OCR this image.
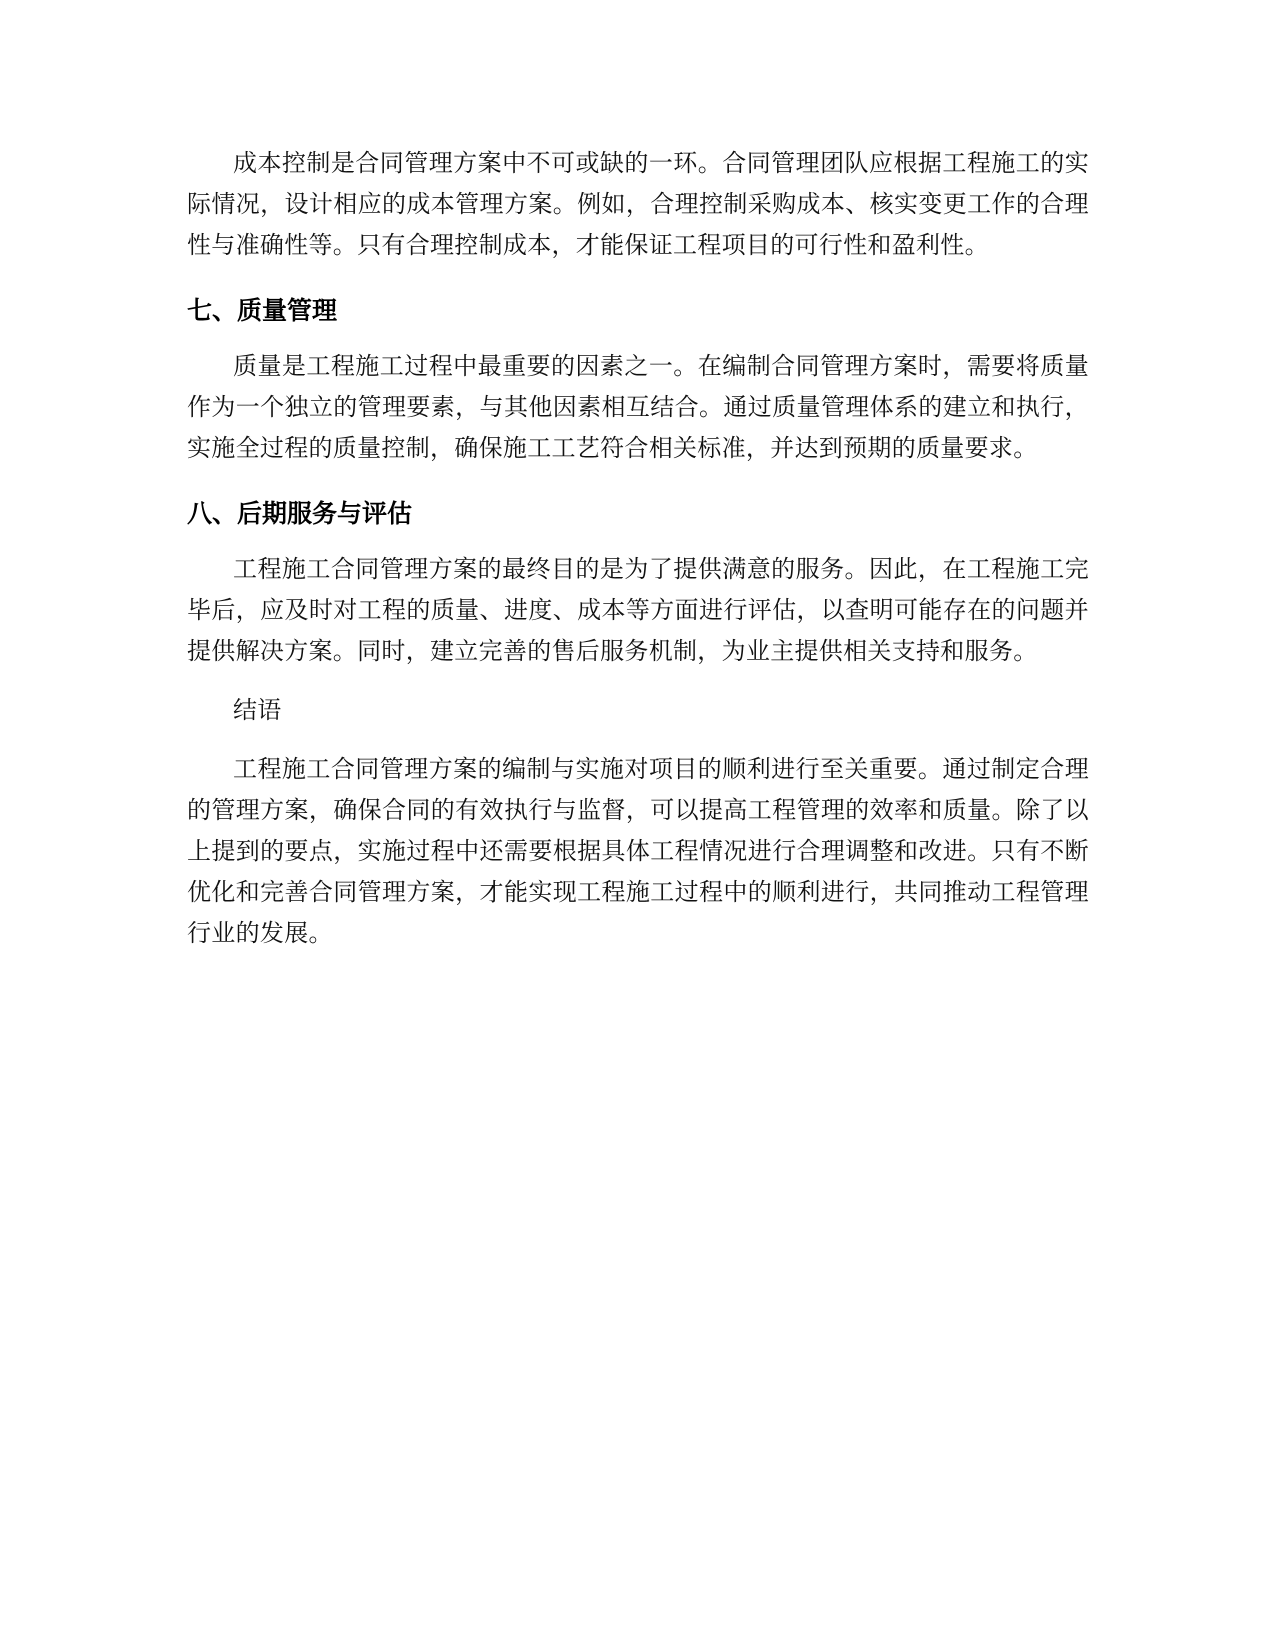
成本控制是合同管理方案中不可或缺的一环。合同管理团队应根据工程施工的实际情况，设计相应的成本管理方案。例如，合理控制采购成本、核实变更工作的合理性与准确性等。只有合理控制成本，才能保证工程项目的可行性和盈利性。

七、质量管理

质量是工程施工过程中最重要的因素之一。在编制合同管理方案时，需要将质量作为一个独立的管理要素，与其他因素相互结合。通过质量管理体系的建立和执行，实施全过程的质量控制，确保施工工艺符合相关标准，并达到预期的质量要求。

八、后期服务与评估

工程施工合同管理方案的最终目的是为了提供满意的服务。因此，在工程施工完毕后，应及时对工程的质量、进度、成本等方面进行评估，以查明可能存在的问题并提供解决方案。同时，建立完善的售后服务机制，为业主提供相关支持和服务。

结语

工程施工合同管理方案的编制与实施对项目的顺利进行至关重要。通过制定合理的管理方案，确保合同的有效执行与监督，可以提高工程管理的效率和质量。除了以上提到的要点，实施过程中还需要根据具体工程情况进行合理调整和改进。只有不断优化和完善合同管理方案，才能实现工程施工过程中的顺利进行，共同推动工程管理行业的发展。
